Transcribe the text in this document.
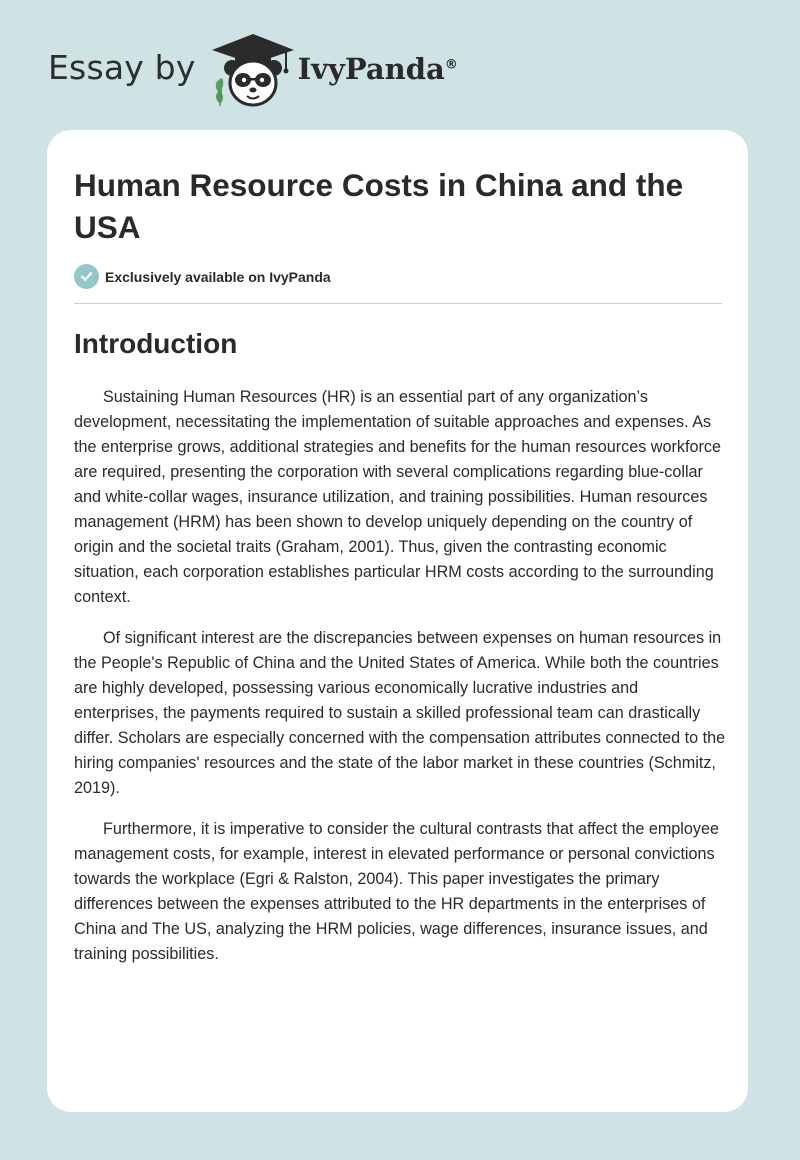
Essay by	IvyPanda®
Human Resource Costs in China and the USA
Exclusively available on IvyPanda
Introduction

Sustaining Human Resources (HR) is an essential part of any organization’s development, necessitating the implementation of suitable approaches and expenses. As the enterprise grows, additional strategies and benefits for the human resources workforce are required, presenting the corporation with several complications regarding blue-collar and white-collar wages, insurance utilization, and training possibilities. Human resources management (HRM) has been shown to develop uniquely depending on the country of origin and the societal traits (Graham, 2001). Thus, given the contrasting economic situation, each corporation establishes particular HRM costs according to the surrounding context.

Of significant interest are the discrepancies between expenses on human resources in the People's Republic of China and the United States of America. While both the countries are highly developed, possessing various economically lucrative industries and enterprises, the payments required to sustain a skilled professional team can drastically differ. Scholars are especially concerned with the compensation attributes connected to the hiring companies' resources and the state of the labor market in these countries (Schmitz, 2019).

Furthermore, it is imperative to consider the cultural contrasts that affect the employee management costs, for example, interest in elevated performance or personal convictions towards the workplace (Egri & Ralston, 2004). This paper investigates the primary differences between the expenses attributed to the HR departments in the enterprises of China and The US, analyzing the HRM policies, wage differences, insurance issues, and training possibilities.
